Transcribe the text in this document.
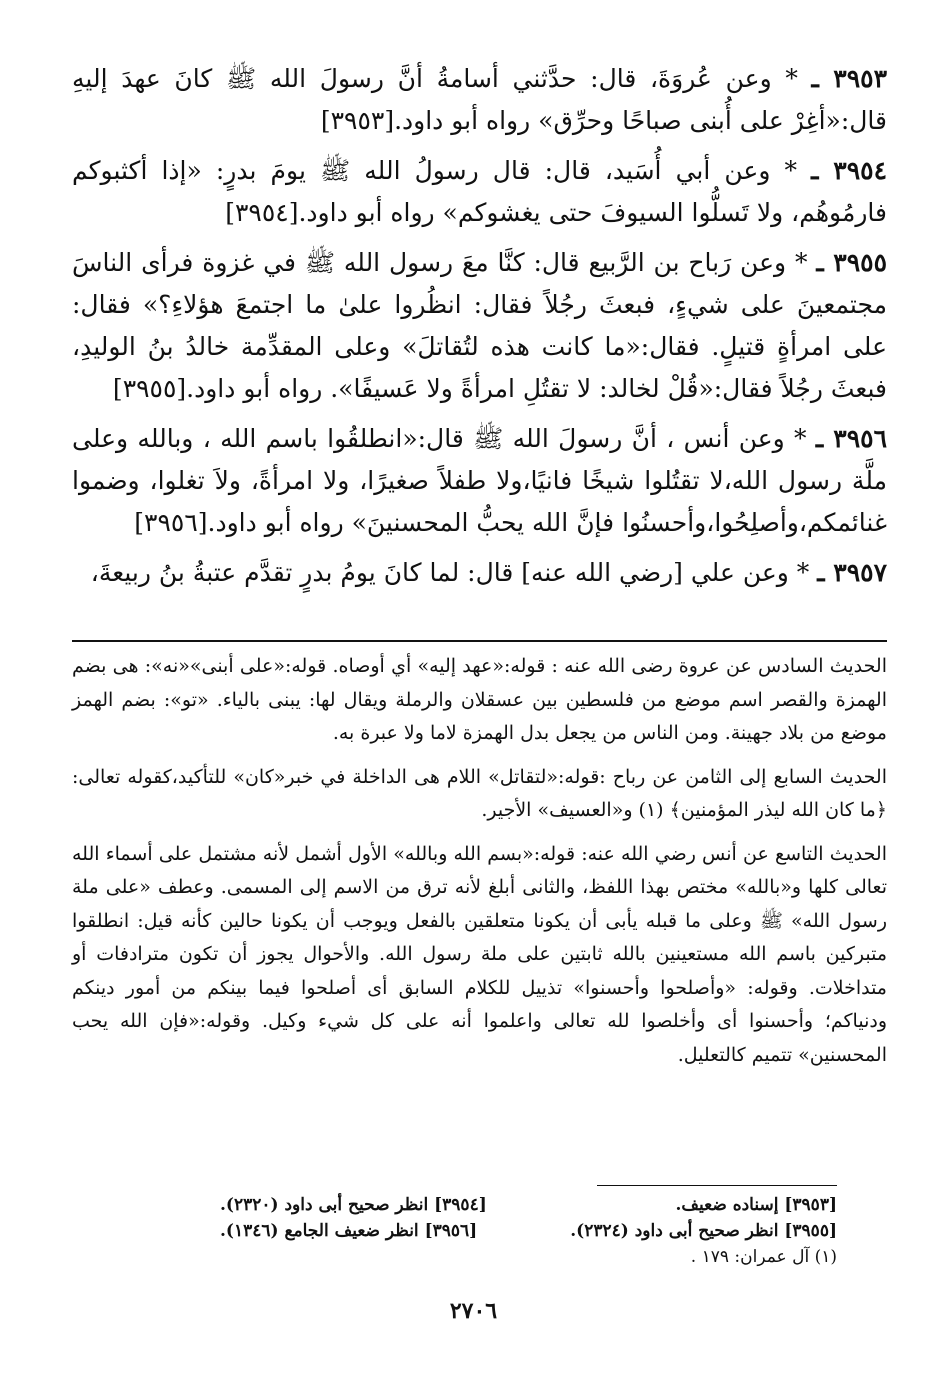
٣٩٥٣ ـ * وعن عُروَةَ، قال: حدَّثني أسامةُ أنَّ رسولَ الله ﷺ كانَ عهدَ إليهِ قال:«أغِرْ على أُبنى صباحًا وحرِّق» رواه أبو داود.[٣٩٥٣]

٣٩٥٤ ـ * وعن أبي أُسَيد، قال: قال رسولُ الله ﷺ يومَ بدرٍ: «إذا أكثبوكم فارمُوهُم، ولا تَسلُّوا السيوفَ حتى يغشوكم» رواه أبو داود.[٣٩٥٤]

٣٩٥٥ ـ * وعن رَباح بن الرَّبيع قال: كنَّا معَ رسول الله ﷺ في غزوة فرأى الناسَ مجتمعينَ على شيءٍ، فبعثَ رجُلاً فقال: انظُروا علىٰ ما اجتمعَ هؤلاءِ؟» فقال: على امرأةٍ قتيلٍ. فقال:«ما كانت هذه لتُقاتلَ» وعلى المقدِّمة خالدُ بنُ الوليدِ، فبعثَ رجُلاً فقال:«قُلْ لخالد: لا تقتُلِ امرأةً ولا عَسيفًا». رواه أبو داود.[٣٩٥٥]

٣٩٥٦ ـ * وعن أنس ، أنَّ رسولَ الله ﷺ قال:«انطلقُوا باسم الله ، وبالله وعلى ملَّة رسول الله،لا تقتُلوا شيخًا فانيًا،ولا طفلاً صغيرًا، ولا امرأةً، ولاَ تغلوا، وضموا غنائمكم،وأصلِحُوا،وأحسنُوا فإنَّ الله يحبُّ المحسنينَ» رواه أبو داود.[٣٩٥٦]

٣٩٥٧ ـ * وعن علي [رضي الله عنه] قال: لما كانَ يومُ بدرٍ تقدَّم عتبةُ بنُ ربيعةَ،

الحديث السادس عن عروة رضى الله عنه : قوله:«عهد إليه» أي أوصاه. قوله:«على أبنى»«نه»: هى بضم الهمزة والقصر اسم موضع من فلسطين بين عسقلان والرملة ويقال لها: يبنى بالياء. «تو»: بضم الهمز موضع من بلاد جهينة. ومن الناس من يجعل بدل الهمزة لاما ولا عبرة به.

الحديث السابع إلى الثامن عن رباح :قوله:«لتقاتل» اللام هى الداخلة في خبر«كان» للتأكيد،كقوله تعالى:﴿ما كان الله ليذر المؤمنين﴾ (١) و«العسيف» الأجير.

الحديث التاسع عن أنس رضي الله عنه: قوله:«بسم الله وبالله» الأول أشمل لأنه مشتمل على أسماء الله تعالى كلها و«بالله» مختص بهذا اللفظ، والثانى أبلغ لأنه ترق من الاسم إلى المسمى. وعطف «على ملة رسول الله» ﷺ وعلى ما قبله يأبى أن يكونا متعلقين بالفعل ويوجب أن يكونا حالين كأنه قيل: انطلقوا متبركين باسم الله مستعينين بالله ثابتين على ملة رسول الله. والأحوال يجوز أن تكون مترادفات أو متداخلات. وقوله: «وأصلحوا وأحسنوا» تذييل للكلام السابق أى أصلحوا فيما بينكم من أمور دينكم ودنياكم؛ وأحسنوا أى وأخلصوا لله تعالى واعلموا أنه على كل شيء وكيل. وقوله:«فإن الله يحب المحسنين» تتميم كالتعليل.

[٣٩٥٣] إسناده ضعيف.
[٣٩٥٤] انظر صحيح أبى داود (٢٣٢٠).
[٣٩٥٥] انظر صحيح أبى داود (٢٣٢٤).
[٣٩٥٦] انظر ضعيف الجامع (١٣٤٦).
(١) آل عمران: ١٧٩ .
٢٧٠٦
